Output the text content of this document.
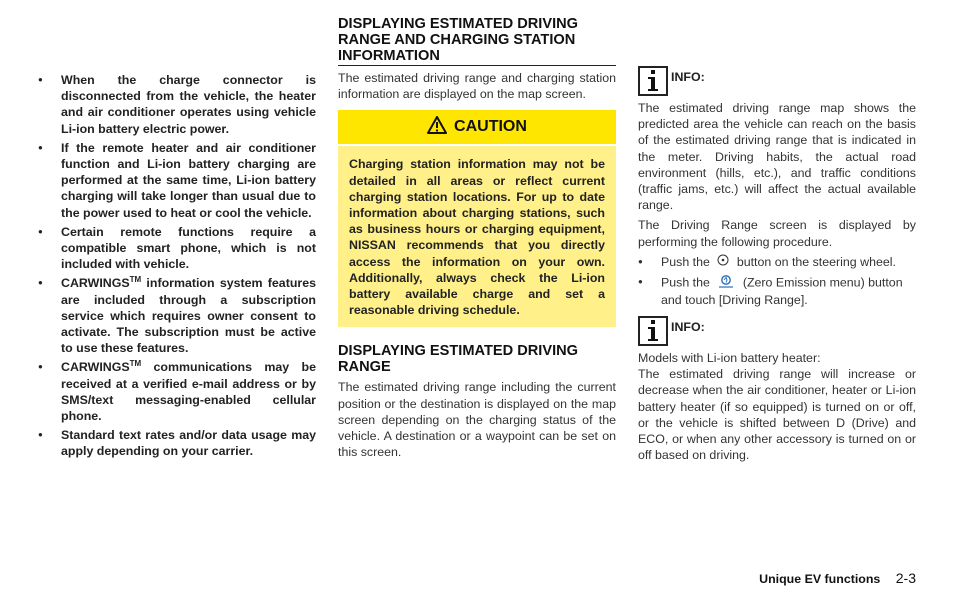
● When the charge connector is disconnected from the vehicle, the heater and air conditioner operates using vehicle Li-ion battery electric power.
● If the remote heater and air conditioner function and Li-ion battery charging are performed at the same time, Li-ion battery charging will take longer than usual due to the power used to heat or cool the vehicle.
● Certain remote functions require a compatible smart phone, which is not included with vehicle.
● CARWINGS™ information system features are included through a subscription service which requires owner consent to activate. The subscription must be active to use these features.
● CARWINGS™ communications may be received at a verified e-mail address or by SMS/text messaging-enabled cellular phone.
● Standard text rates and/or data usage may apply depending on your carrier.
DISPLAYING ESTIMATED DRIVING RANGE AND CHARGING STATION INFORMATION

The estimated driving range and charging station information are displayed on the map screen.

CAUTION
Charging station information may not be detailed in all areas or reflect current charging station locations. For up to date information about charging stations, such as business hours or charging equipment, NISSAN recommends that you directly access the information on your own. Additionally, always check the Li-ion battery available charge and set a reasonable driving schedule.
DISPLAYING ESTIMATED DRIVING RANGE

The estimated driving range including the current position or the destination is displayed on the map screen depending on the charging status of the vehicle. A destination or a waypoint can be set on this screen.

INFO:

The estimated driving range map shows the predicted area the vehicle can reach on the basis of the estimated driving range that is indicated in the meter. Driving habits, the actual road environment (hills, etc.), and traffic conditions (traffic jams, etc.) will affect the actual available range.

The Driving Range screen is displayed by performing the following procedure.

● Push the button on the steering wheel.
● Push the	(Zero Emission menu) button and touch [Driving Range].
INFO:

Models with Li-ion battery heater:

The estimated driving range will increase or decrease when the air conditioner, heater or Li-ion battery heater (if so equipped) is turned on or off, or the vehicle is shifted between D (Drive) and ECO, or when any other accessory is turned on or off based on driving.

Unique EV functions 2-3
